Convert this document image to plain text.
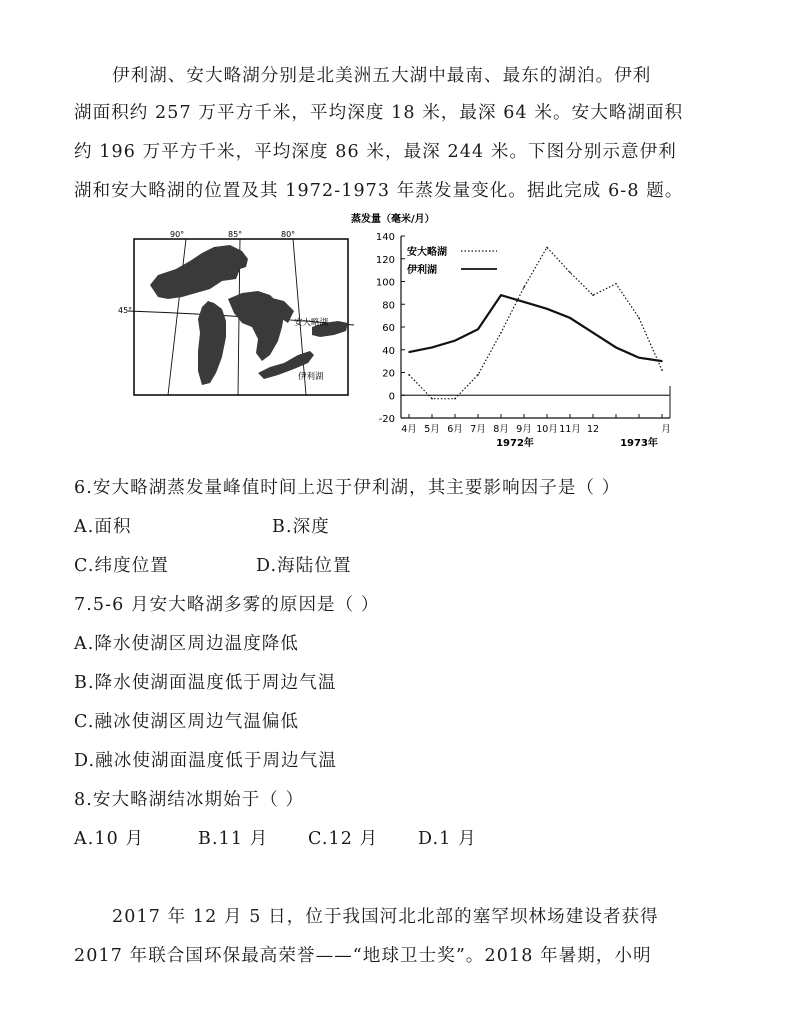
伊利湖、安大略湖分别是北美洲五大湖中最南、最东的湖泊。伊利
湖面积约 257 万平方千米，平均深度 18 米，最深 64 米。安大略湖面积
约 196 万平方千米，平均深度 86 米，最深 244 米。下图分别示意伊利
湖和安大略湖的位置及其 1972-1973 年蒸发量变化。据此完成 6-8 题。
90°	85°	80°
45°
安大略湖
伊利湖
蒸发量（毫米/月）
-20
0
20
40
60
80
100
120
140
4月 5月 6月 7月 8月 9月 10月 11月 12	月
1972年	1973年
安大略湖
伊利湖
6.安大略湖蒸发量峰值时间上迟于伊利湖，其主要影响因子是（ ）
A.面积	B.深度
C.纬度位置	D.海陆位置
7.5-6 月安大略湖多雾的原因是（ ）
A.降水使湖区周边温度降低
B.降水使湖面温度低于周边气温
C.融冰使湖区周边气温偏低
D.融冰使湖面温度低于周边气温
8.安大略湖结冰期始于（ ）
A.10 月	B.11 月 C.12 月 D.1 月
2017 年 12 月 5 日，位于我国河北北部的塞罕坝林场建设者获得
2017 年联合国环保最高荣誉——“地球卫士奖”。2018 年暑期，小明
